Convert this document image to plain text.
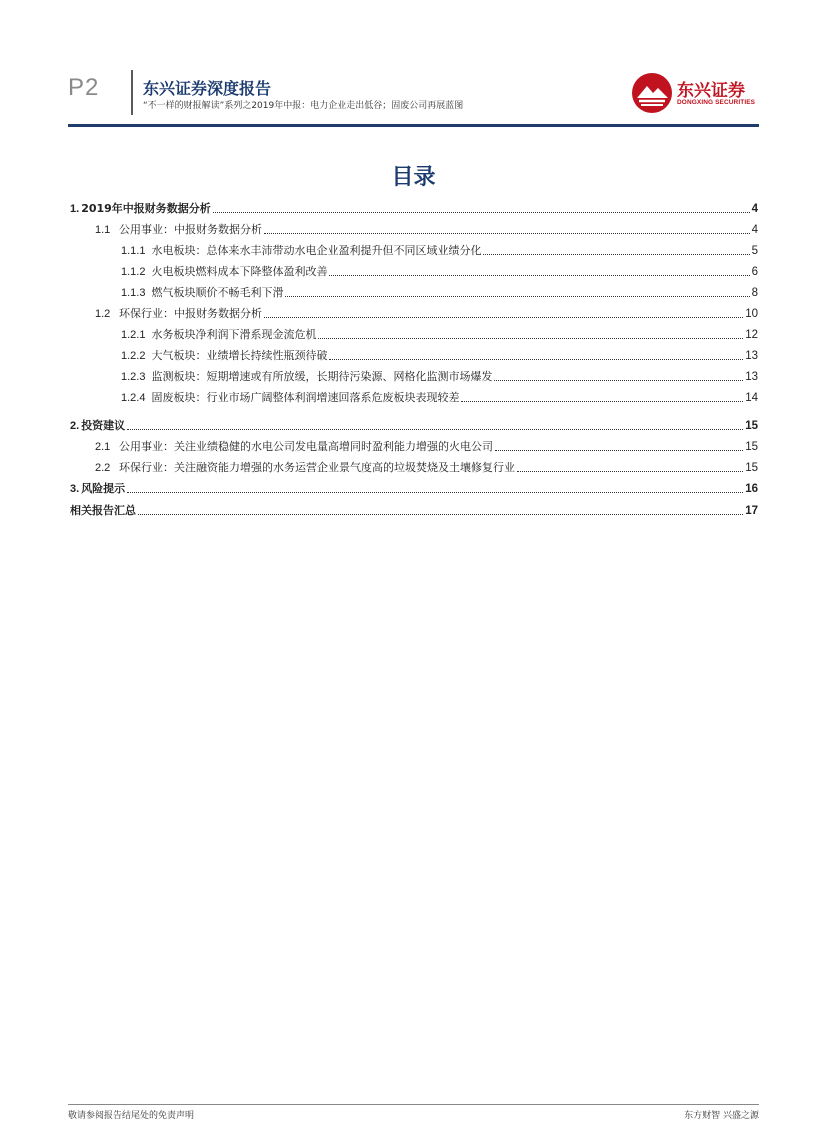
P2	东兴证券深度报告
“不一样的财报解读”系列之2019年中报：电力企业走出低谷；固废公司再展蓝图
东兴证券
DONGXING SECURITIES
目录
1. 2019年中报财务数据分析	4
1.1 公用事业：中报财务数据分析	4
1.1.1 水电板块：总体来水丰沛带动水电企业盈利提升但不同区域业绩分化	5
1.1.2 火电板块燃料成本下降整体盈利改善	6
1.1.3 燃气板块顺价不畅毛利下滑	8
1.2 环保行业：中报财务数据分析	10
1.2.1 水务板块净利润下滑系现金流危机	12
1.2.2 大气板块：业绩增长持续性瓶颈待破	13
1.2.3 监测板块：短期增速或有所放缓，长期待污染源、网格化监测市场爆发	13
1.2.4 固废板块：行业市场广阔整体利润增速回落系危废板块表现较差	14
2. 投资建议	15
2.1 公用事业：关注业绩稳健的水电公司发电量高增同时盈利能力增强的火电公司	15
2.2 环保行业：关注融资能力增强的水务运营企业景气度高的垃圾焚烧及土壤修复行业	15
3. 风险提示	16
相关报告汇总	17
敬请参阅报告结尾处的免责声明	东方财智 兴盛之源
